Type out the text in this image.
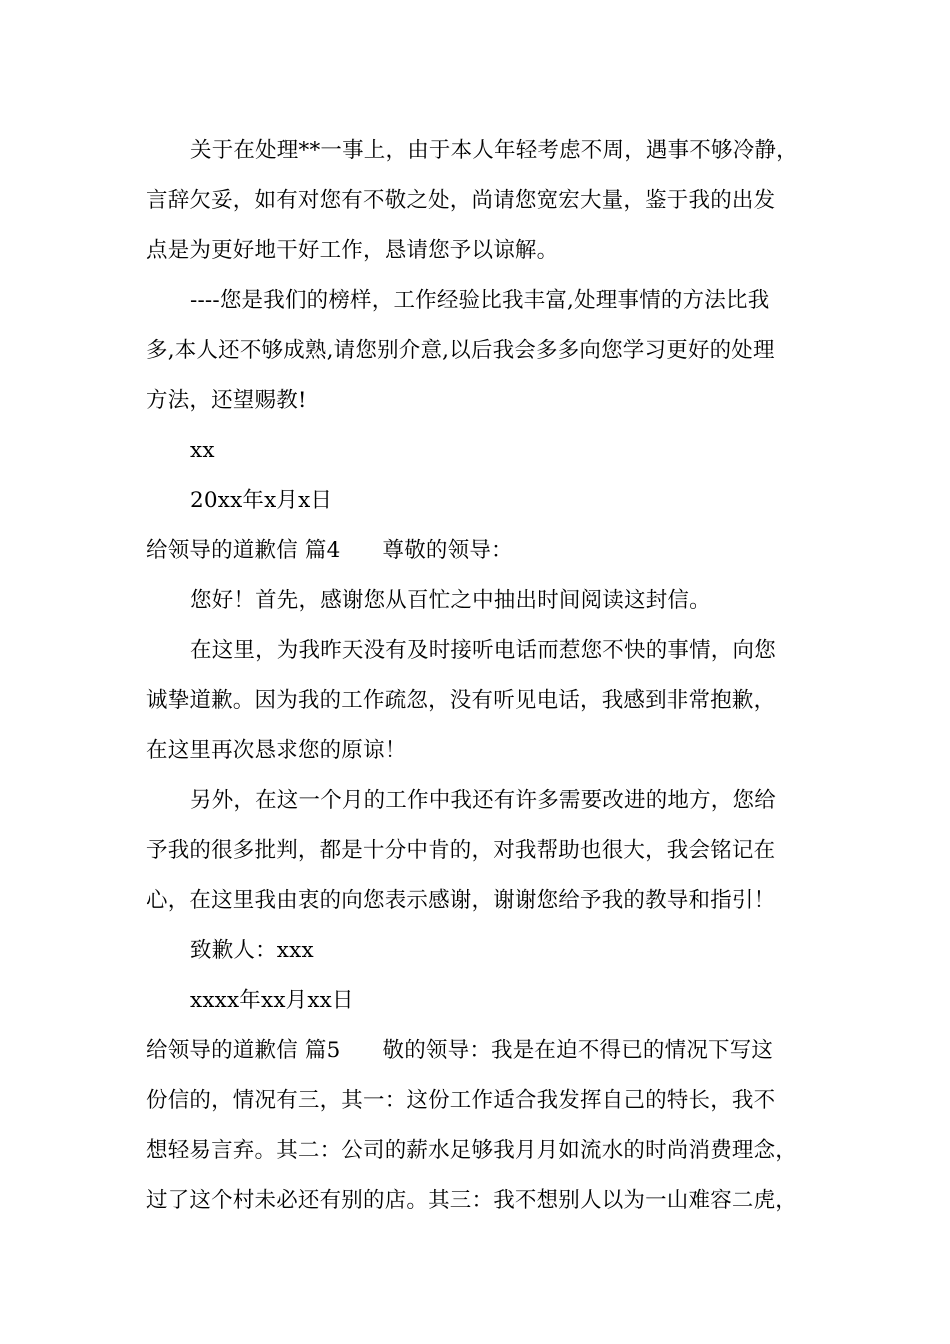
关于在处理**一事上，由于本人年轻考虑不周，遇事不够冷静，
言辞欠妥，如有对您有不敬之处，尚请您宽宏大量，鉴于我的出发
点是为更好地干好工作，恳请您予以谅解。
----您是我们的榜样，工作经验比我丰富,处理事情的方法比我
多,本人还不够成熟,请您别介意,以后我会多多向您学习更好的处理
方法，还望赐教!
xx
20xx年x月x日
给领导的道歉信 篇4 尊敬的领导：
您好！首先，感谢您从百忙之中抽出时间阅读这封信。
在这里，为我昨天没有及时接听电话而惹您不快的事情，向您
诚挚道歉。因为我的工作疏忽，没有听见电话，我感到非常抱歉，
在这里再次恳求您的原谅！
另外，在这一个月的工作中我还有许多需要改进的地方，您给
予我的很多批判，都是十分中肯的，对我帮助也很大，我会铭记在
心，在这里我由衷的向您表示感谢，谢谢您给予我的教导和指引！
致歉人：xxx
xxxx年xx月xx日
给领导的道歉信 篇5 敬的领导：我是在迫不得已的情况下写这
份信的，情况有三，其一：这份工作适合我发挥自己的特长，我不
想轻易言弃。其二：公司的薪水足够我月月如流水的时尚消费理念，
过了这个村未必还有别的店。其三：我不想别人以为一山难容二虎，
